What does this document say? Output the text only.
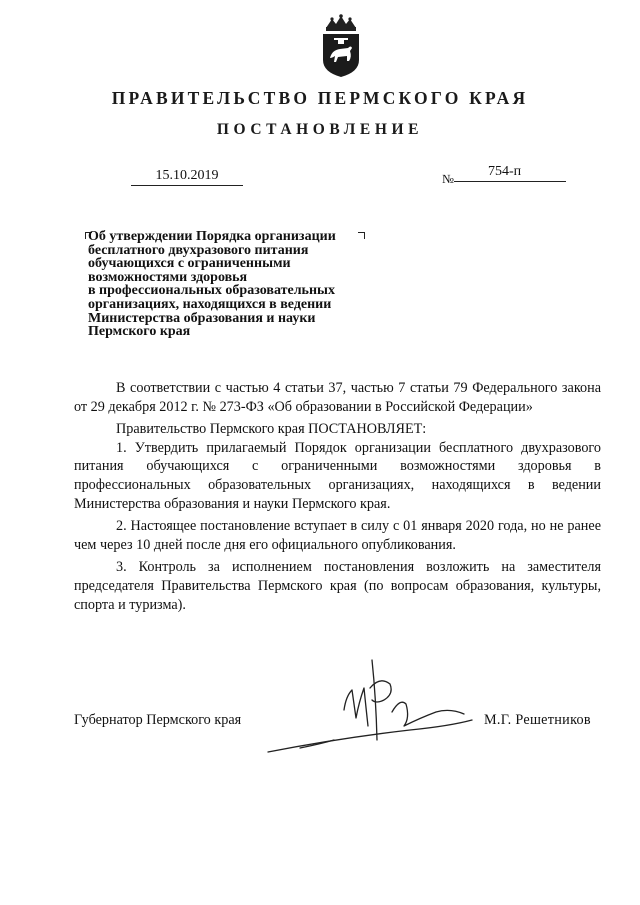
ПРАВИТЕЛЬСТВО ПЕРМСКОГО КРАЯ
ПОСТАНОВЛЕНИЕ
15.10.2019	№ 754-п
Об утверждении Порядка организации
бесплатного двухразового питания
обучающихся с ограниченными
возможностями здоровья
в профессиональных образовательных
организациях, находящихся в ведении
Министерства образования и науки
Пермского края

В соответствии с частью 4 статьи 37, частью 7 статьи 79 Федерального закона от 29 декабря 2012 г. № 273-ФЗ «Об образовании в Российской Федерации»

Правительство Пермского края ПОСТАНОВЛЯЕТ:

1. Утвердить прилагаемый Порядок организации бесплатного двухразового питания обучающихся с ограниченными возможностями здоровья в профессиональных образовательных организациях, находящихся в ведении Министерства образования и науки Пермского края.

2. Настоящее постановление вступает в силу с 01 января 2020 года, но не ранее чем через 10 дней после дня его официального опубликования.

3. Контроль за исполнением постановления возложить на заместителя председателя Правительства Пермского края (по вопросам образования, культуры, спорта и туризма).

Губернатор Пермского края	М.Г. Решетников
